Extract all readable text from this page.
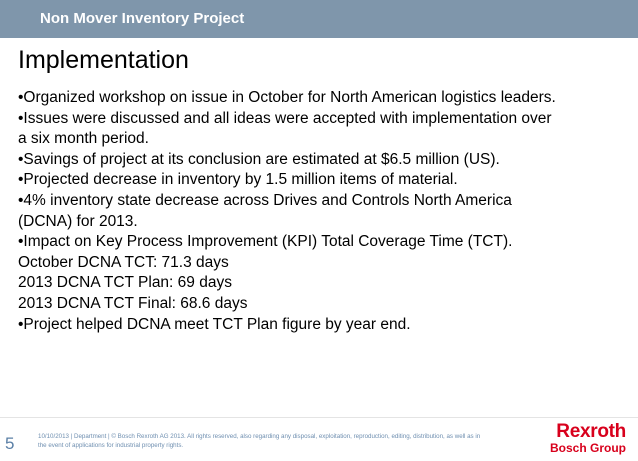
Non Mover Inventory Project
Implementation
•Organized workshop on issue in October for North American logistics leaders.
•Issues were discussed and all ideas were accepted with implementation over
a six month period.
•Savings of project at its conclusion are estimated at $6.5 million (US).
•Projected decrease in inventory by 1.5 million items of material.
•4% inventory state decrease across Drives and Controls North America
(DCNA) for 2013.
•Impact on Key Process Improvement (KPI) Total Coverage Time (TCT).
October DCNA TCT: 71.3 days
2013 DCNA TCT Plan: 69 days
2013 DCNA TCT Final: 68.6 days
•Project helped DCNA meet TCT Plan figure by year end.
5	10/10/2013 | Department | © Bosch Rexroth AG 2013. All rights reserved, also regarding any disposal, exploitation, reproduction, editing, distribution, as well as in
the event of applications for industrial property rights.
Rexroth
Bosch Group
